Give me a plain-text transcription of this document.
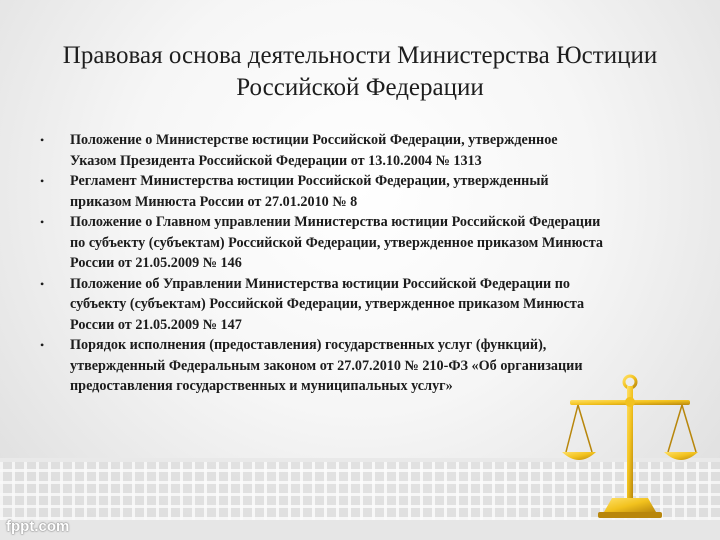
Правовая основа деятельности Министерства Юстиции
Российской Федерации
• Положение о Министерстве юстиции Российской Федерации, утвержденное
Указом Президента Российской Федерации от 13.10.2004 № 1313
• Регламент Министерства юстиции Российской Федерации, утвержденный
приказом Минюста России от 27.01.2010 № 8
• Положение о Главном управлении Министерства юстиции Российской Федерации
по субъекту (субъектам) Российской Федерации, утвержденное приказом Минюста
России от 21.05.2009 № 146
• Положение об Управлении Министерства юстиции Российской Федерации по
субъекту (субъектам) Российской Федерации, утвержденное приказом Минюста
России от 21.05.2009 № 147
• Порядок исполнения (предоставления) государственных услуг (функций),
утвержденный Федеральным законом от 27.07.2010 № 210-ФЗ «Об организации
предоставления государственных и муниципальных услуг»
fppt.com
